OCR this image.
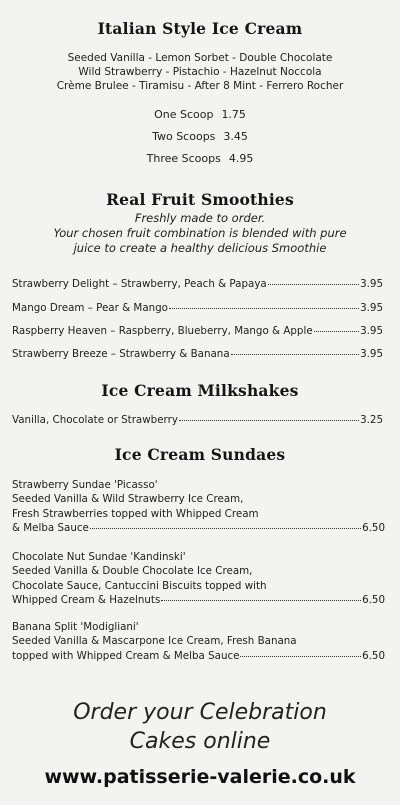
Italian Style Ice Cream
Seeded Vanilla - Lemon Sorbet - Double Chocolate
Wild Strawberry - Pistachio - Hazelnut Noccola
Crème Brulee - Tiramisu - After 8 Mint - Ferrero Rocher
One Scoop 1.75
Two Scoops 3.45
Three Scoops 4.95
Real Fruit Smoothies
Freshly made to order.
Your chosen fruit combination is blended with pure
juice to create a healthy delicious Smoothie
Strawberry Delight – Strawberry, Peach & Papaya	3.95
Mango Dream – Pear & Mango	3.95
Raspberry Heaven – Raspberry, Blueberry, Mango & Apple	3.95
Strawberry Breeze – Strawberry & Banana	3.95
Ice Cream Milkshakes
Vanilla, Chocolate or Strawberry	3.25
Ice Cream Sundaes
Strawberry Sundae 'Picasso'
Seeded Vanilla & Wild Strawberry Ice Cream,
Fresh Strawberries topped with Whipped Cream
& Melba Sauce	6.50
Chocolate Nut Sundae 'Kandinski'
Seeded Vanilla & Double Chocolate Ice Cream,
Chocolate Sauce, Cantuccini Biscuits topped with
Whipped Cream & Hazelnuts	6.50
Banana Split 'Modigliani'
Seeded Vanilla & Mascarpone Ice Cream, Fresh Banana
topped with Whipped Cream & Melba Sauce	6.50
Order your Celebration
Cakes online
www.patisserie-valerie.co.uk
